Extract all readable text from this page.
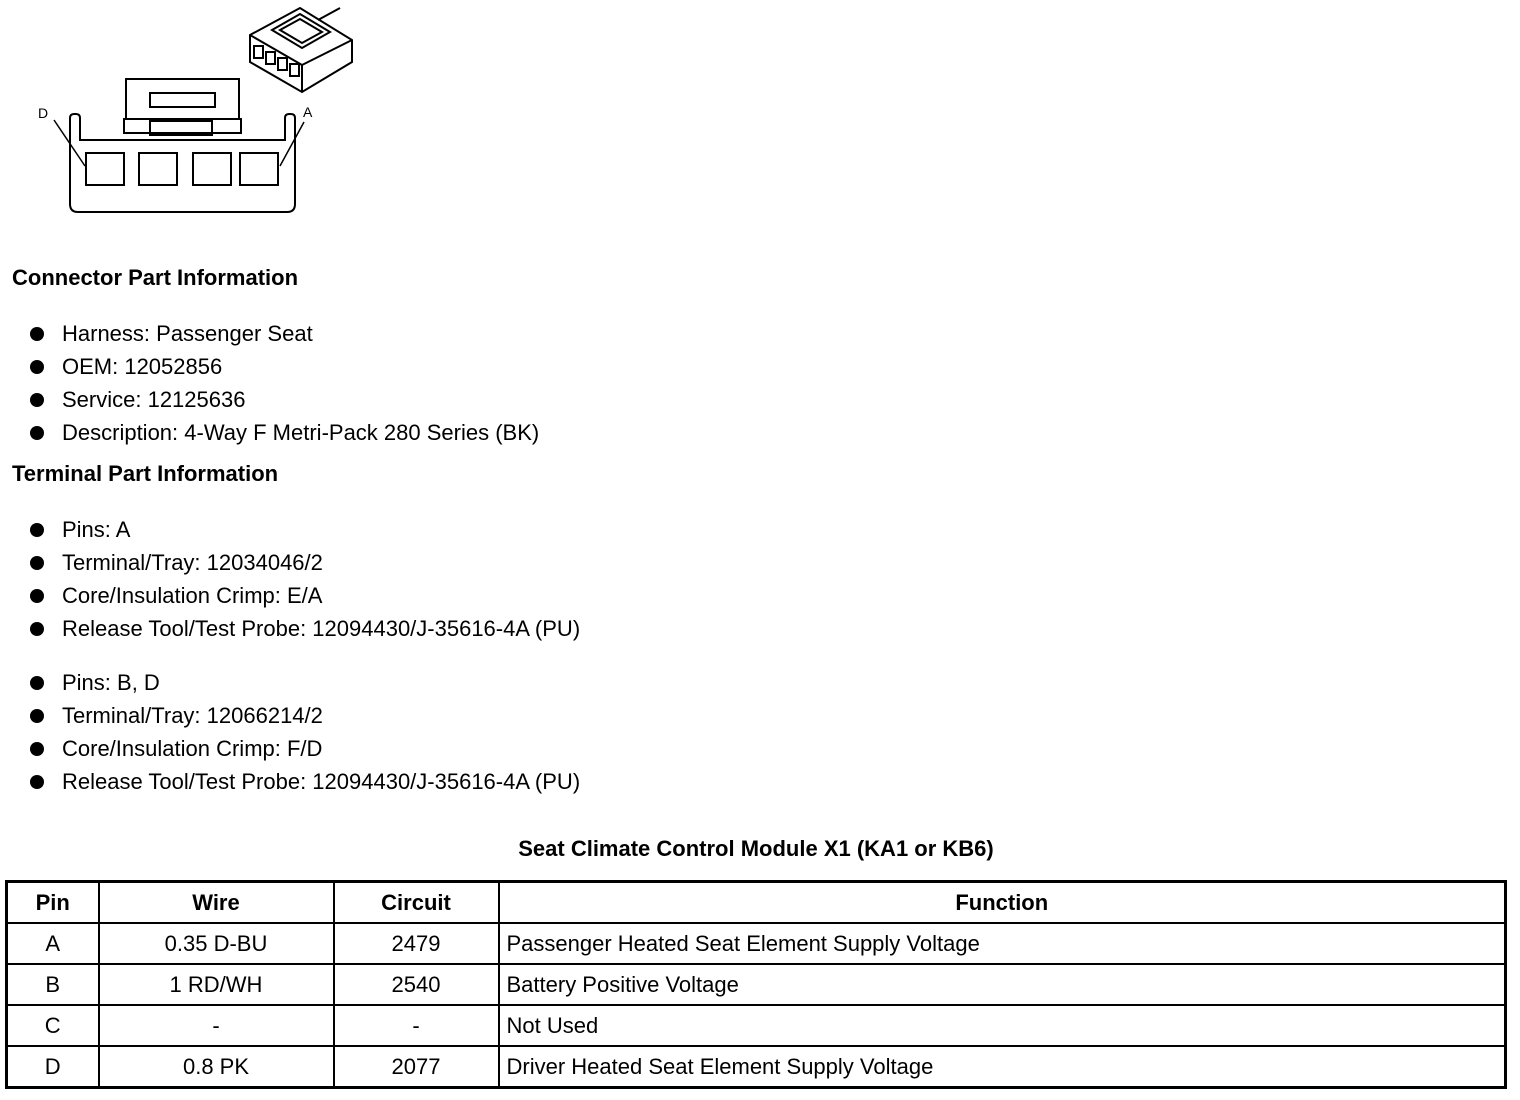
D	A
Connector Part Information
Harness: Passenger Seat
OEM: 12052856
Service: 12125636
Description: 4-Way F Metri-Pack 280 Series (BK)
Terminal Part Information
Pins: A
Terminal/Tray: 12034046/2
Core/Insulation Crimp: E/A
Release Tool/Test Probe: 12094430/J-35616-4A (PU)
Pins: B, D
Terminal/Tray: 12066214/2
Core/Insulation Crimp: F/D
Release Tool/Test Probe: 12094430/J-35616-4A (PU)
Seat Climate Control Module X1 (KA1 or KB6)
Pin	Wire	Circuit	Function
A	0.35 D-BU	2479	Passenger Heated Seat Element Supply Voltage
B	1 RD/WH	2540	Battery Positive Voltage
C	-	-	Not Used
D	0.8 PK	2077	Driver Heated Seat Element Supply Voltage
